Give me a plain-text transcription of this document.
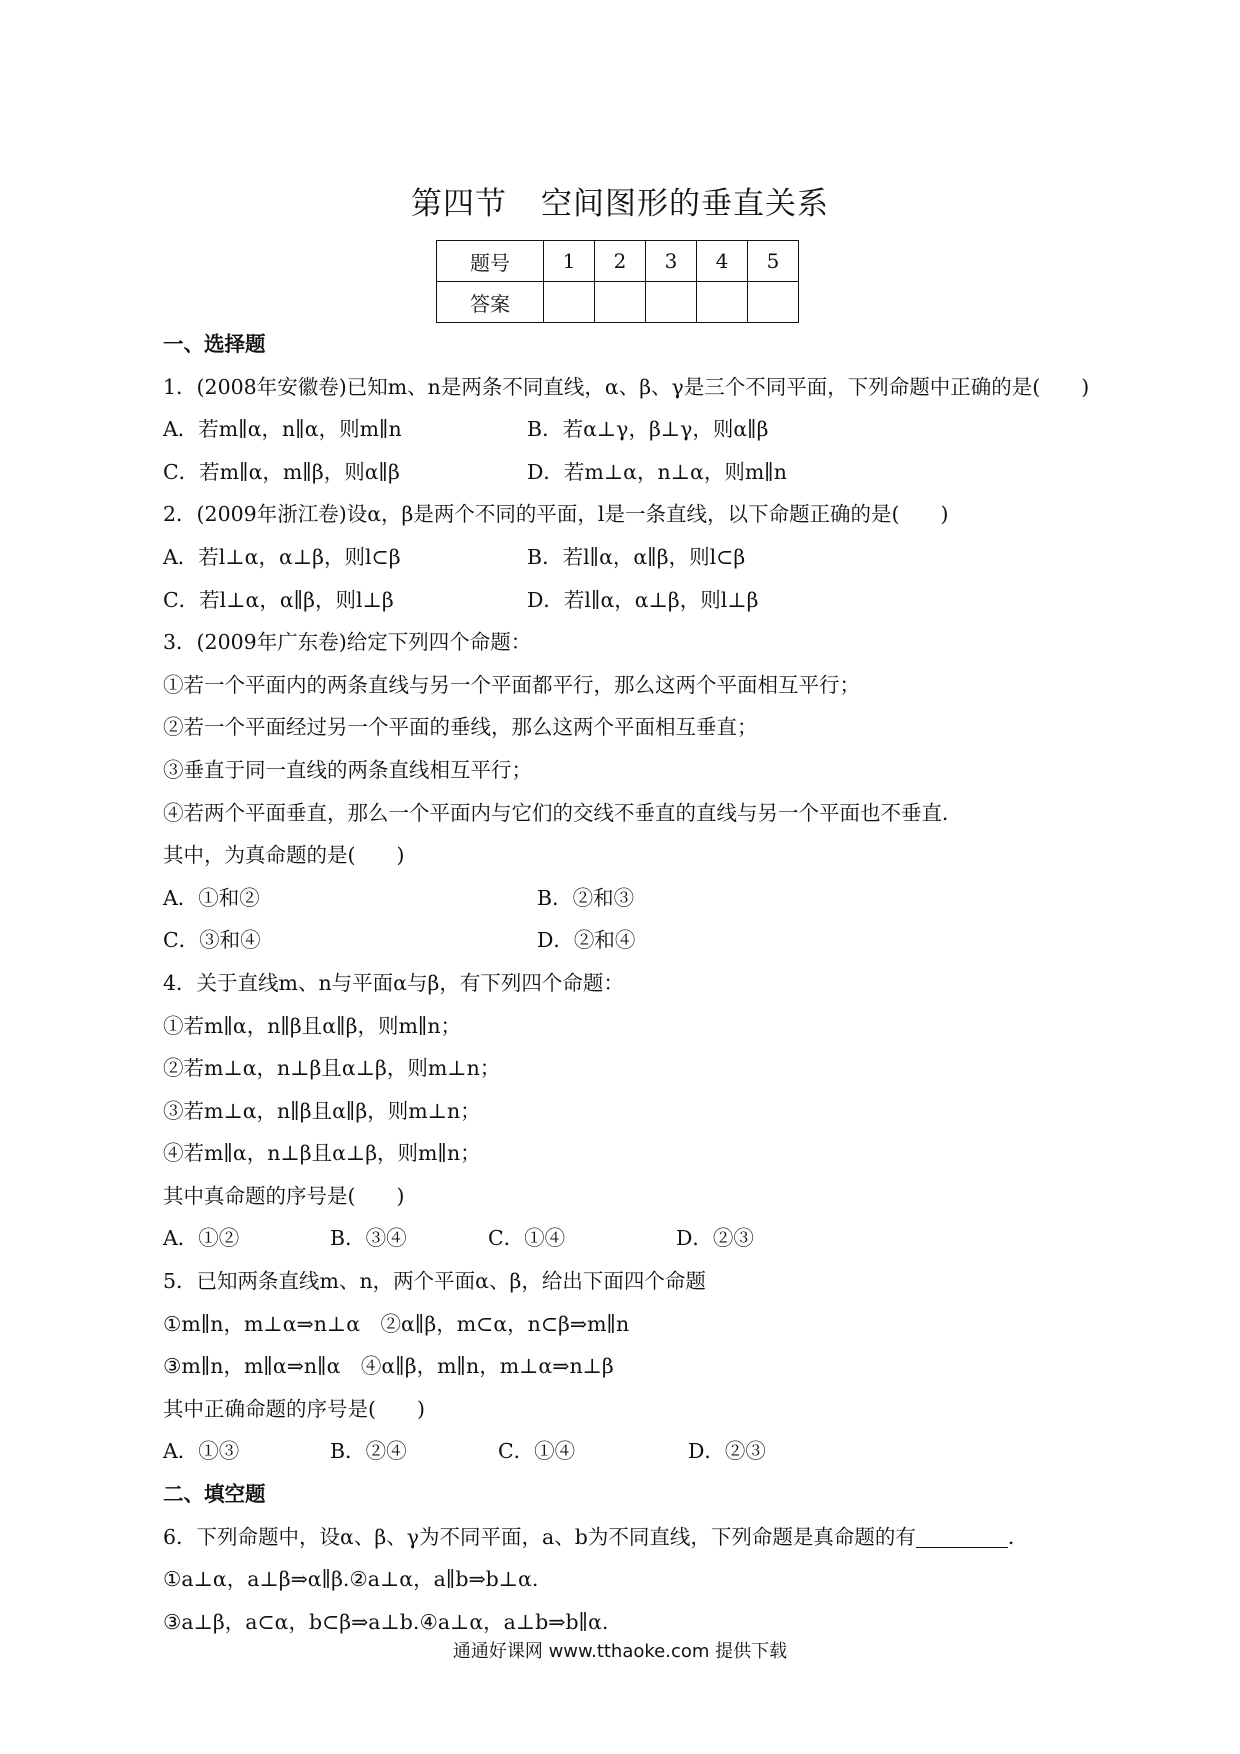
第四节 空间图形的垂直关系
题号	1	2	3	4	5
答案					
一、选择题
1．(2008年安徽卷)已知m、n是两条不同直线，α、β、γ是三个不同平面，下列命题中正确的是(　　)
A．若m∥α，n∥α，则m∥n	B．若α⊥γ，β⊥γ，则α∥β
C．若m∥α，m∥β，则α∥β	D．若m⊥α，n⊥α，则m∥n
2．(2009年浙江卷)设α，β是两个不同的平面，l是一条直线，以下命题正确的是(　　)
A．若l⊥α，α⊥β，则l⊂β	B．若l∥α，α∥β，则l⊂β
C．若l⊥α，α∥β，则l⊥β	D．若l∥α，α⊥β，则l⊥β
3．(2009年广东卷)给定下列四个命题：
①若一个平面内的两条直线与另一个平面都平行，那么这两个平面相互平行；
②若一个平面经过另一个平面的垂线，那么这两个平面相互垂直；
③垂直于同一直线的两条直线相互平行；
④若两个平面垂直，那么一个平面内与它们的交线不垂直的直线与另一个平面也不垂直．
其中，为真命题的是(　　)
A．①和②	B．②和③
C．③和④	D．②和④
4．关于直线m、n与平面α与β，有下列四个命题：
①若m∥α，n∥β且α∥β，则m∥n；
②若m⊥α，n⊥β且α⊥β，则m⊥n；
③若m⊥α，n∥β且α∥β，则m⊥n；
④若m∥α，n⊥β且α⊥β，则m∥n；
其中真命题的序号是(　　)
A．①②	B．③④	C．①④	D．②③
5．已知两条直线m、n，两个平面α、β，给出下面四个命题
①m∥n，m⊥α⇒n⊥α　②α∥β，m⊂α，n⊂β⇒m∥n
③m∥n，m∥α⇒n∥α　④α∥β，m∥n，m⊥α⇒n⊥β
其中正确命题的序号是(　　)
A．①③	B．②④	C．①④	D．②③
二、填空题
6．下列命题中，设α、β、γ为不同平面，a、b为不同直线，下列命题是真命题的有	．
①a⊥α，a⊥β⇒α∥β.②a⊥α，a∥b⇒b⊥α.
③a⊥β，a⊂α，b⊂β⇒a⊥b.④a⊥α，a⊥b⇒b∥α.
通通好课网 www.tthaoke.com 提供下载
